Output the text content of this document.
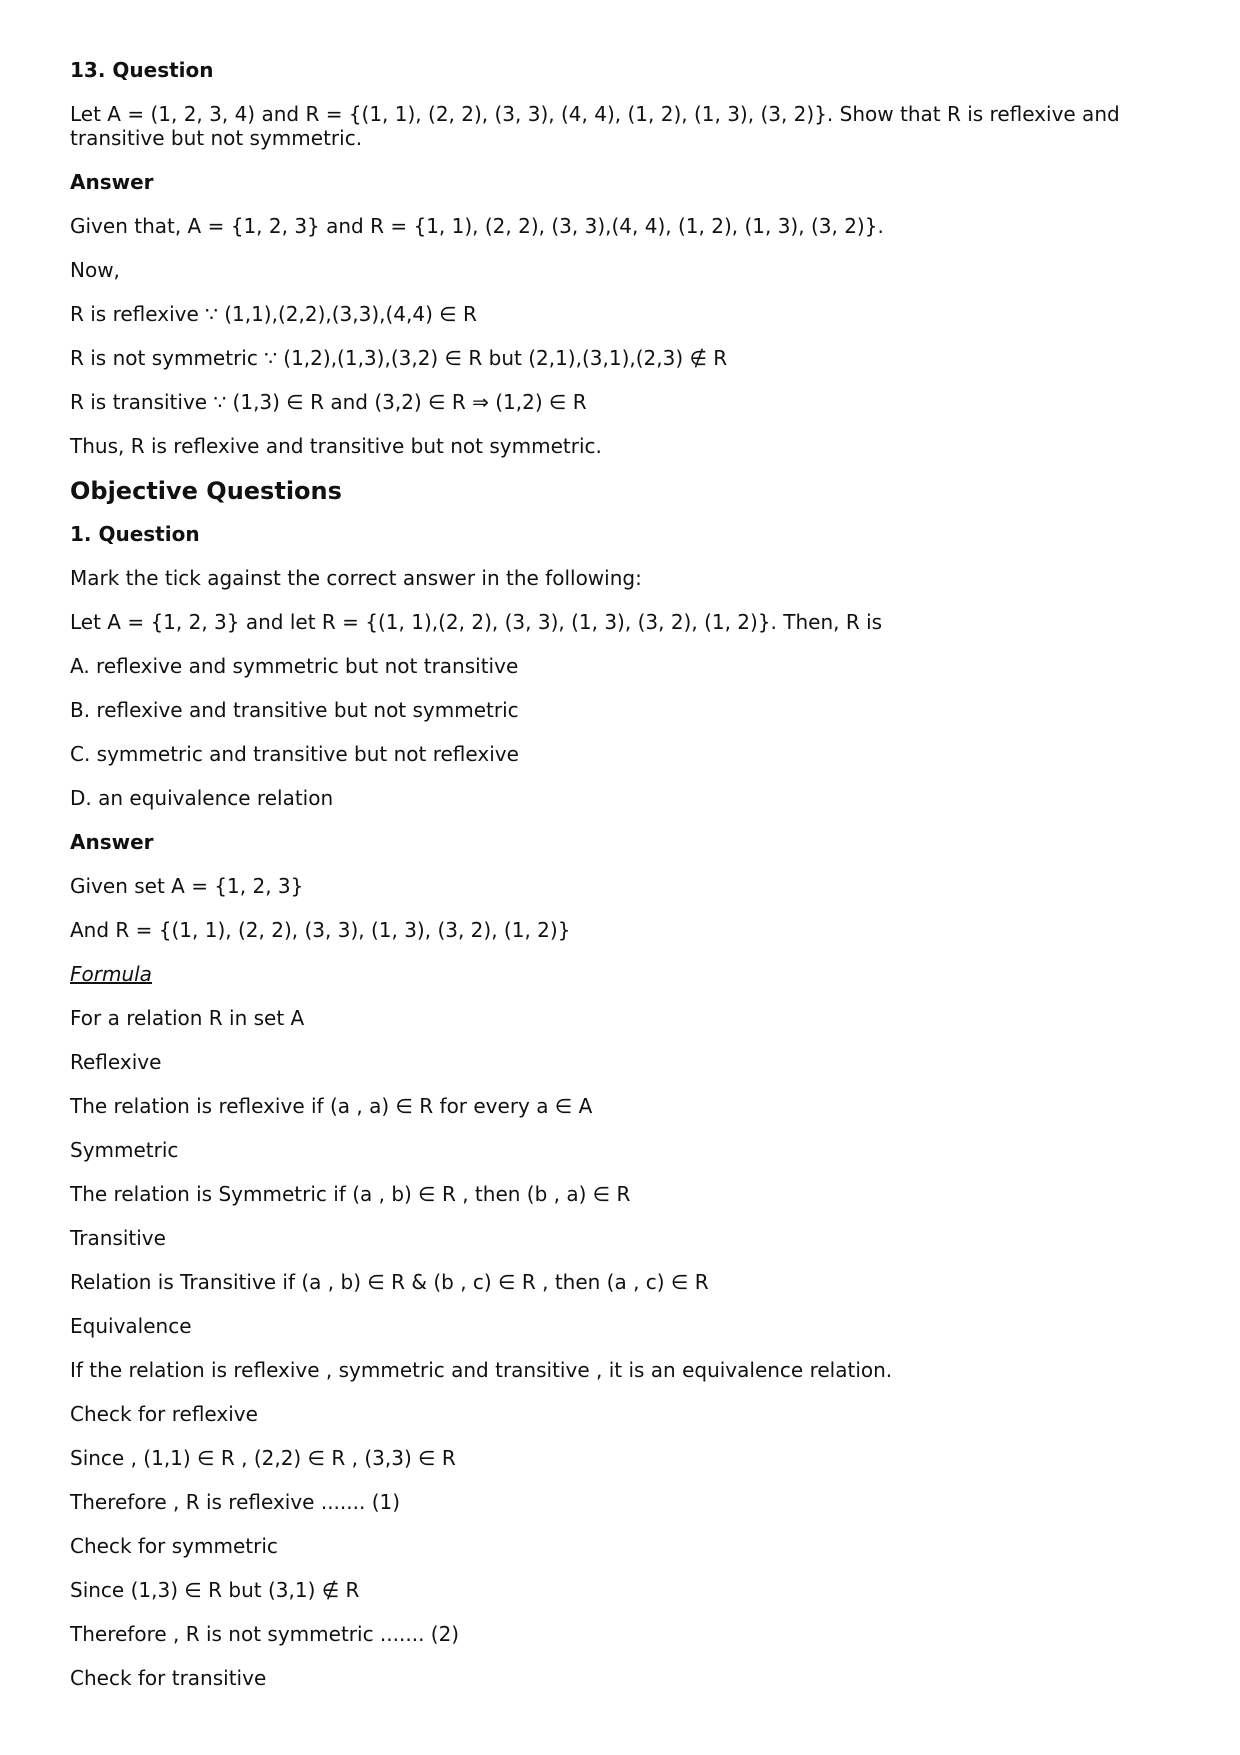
13. Question

Let A = (1, 2, 3, 4) and R = {(1, 1), (2, 2), (3, 3), (4, 4), (1, 2), (1, 3), (3, 2)}. Show that R is reflexive and transitive but not symmetric.

Answer

Given that, A = {1, 2, 3} and R = {1, 1), (2, 2), (3, 3),(4, 4), (1, 2), (1, 3), (3, 2)}.

Now,

R is reflexive ∵ (1,1),(2,2),(3,3),(4,4) ∈ R

R is not symmetric ∵ (1,2),(1,3),(3,2) ∈ R but (2,1),(3,1),(2,3) ∉ R

R is transitive ∵ (1,3) ∈ R and (3,2) ∈ R ⇒ (1,2) ∈ R

Thus, R is reflexive and transitive but not symmetric.

Objective Questions

1. Question

Mark the tick against the correct answer in the following:

Let A = {1, 2, 3} and let R = {(1, 1),(2, 2), (3, 3), (1, 3), (3, 2), (1, 2)}. Then, R is

A. reflexive and symmetric but not transitive

B. reflexive and transitive but not symmetric

C. symmetric and transitive but not reflexive

D. an equivalence relation

Answer

Given set A = {1, 2, 3}

And R = {(1, 1), (2, 2), (3, 3), (1, 3), (3, 2), (1, 2)}

Formula

For a relation R in set A

Reflexive

The relation is reflexive if (a , a) ∈ R for every a ∈ A

Symmetric

The relation is Symmetric if (a , b) ∈ R , then (b , a) ∈ R

Transitive

Relation is Transitive if (a , b) ∈ R & (b , c) ∈ R , then (a , c) ∈ R

Equivalence

If the relation is reflexive , symmetric and transitive , it is an equivalence relation.

Check for reflexive

Since , (1,1) ∈ R , (2,2) ∈ R , (3,3) ∈ R

Therefore , R is reflexive ....... (1)

Check for symmetric

Since (1,3) ∈ R but (3,1) ∉ R

Therefore , R is not symmetric ....... (2)

Check for transitive
